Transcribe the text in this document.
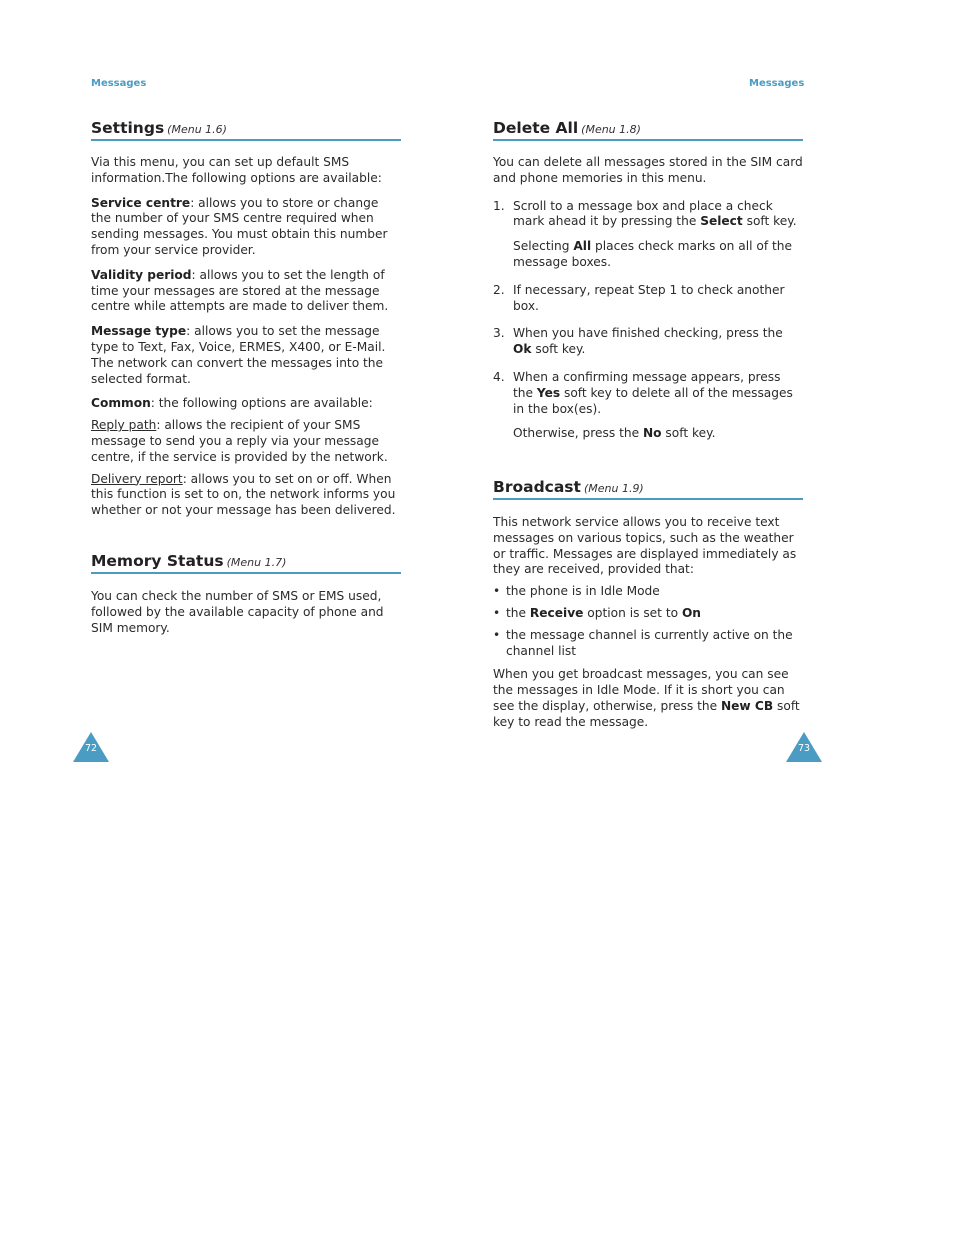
Messages
Settings (Menu 1.6)

Via this menu, you can set up default SMS information.The following options are available:

Service centre: allows you to store or change the number of your SMS centre required when sending messages. You must obtain this number from your service provider.

Validity period: allows you to set the length of time your messages are stored at the message centre while attempts are made to deliver them.

Message type: allows you to set the message type to Text, Fax, Voice, ERMES, X400, or E-Mail. The network can convert the messages into the selected format.

Common: the following options are available:

Reply path: allows the recipient of your SMS message to send you a reply via your message centre, if the service is provided by the network.

Delivery report: allows you to set on or off. When this function is set to on, the network informs you whether or not your message has been delivered.

Memory Status (Menu 1.7)

You can check the number of SMS or EMS used, followed by the available capacity of phone and SIM memory.

72
Messages
Delete All (Menu 1.8)

You can delete all messages stored in the SIM card and phone memories in this menu.

1. Scroll to a message box and place a check mark ahead it by pressing the Select soft key.

Selecting All places check marks on all of the message boxes.

2. If necessary, repeat Step 1 to check another box.
3. When you have finished checking, press the Ok soft key.
4. When a confirming message appears, press the Yes soft key to delete all of the messages in the box(es).

Otherwise, press the No soft key.

Broadcast (Menu 1.9)

This network service allows you to receive text messages on various topics, such as the weather or traffic. Messages are displayed immediately as they are received, provided that:

• the phone is in Idle Mode
• the Receive option is set to On
• the message channel is currently active on the channel list

When you get broadcast messages, you can see the messages in Idle Mode. If it is short you can see the display, otherwise, press the New CB soft key to read the message.

73
